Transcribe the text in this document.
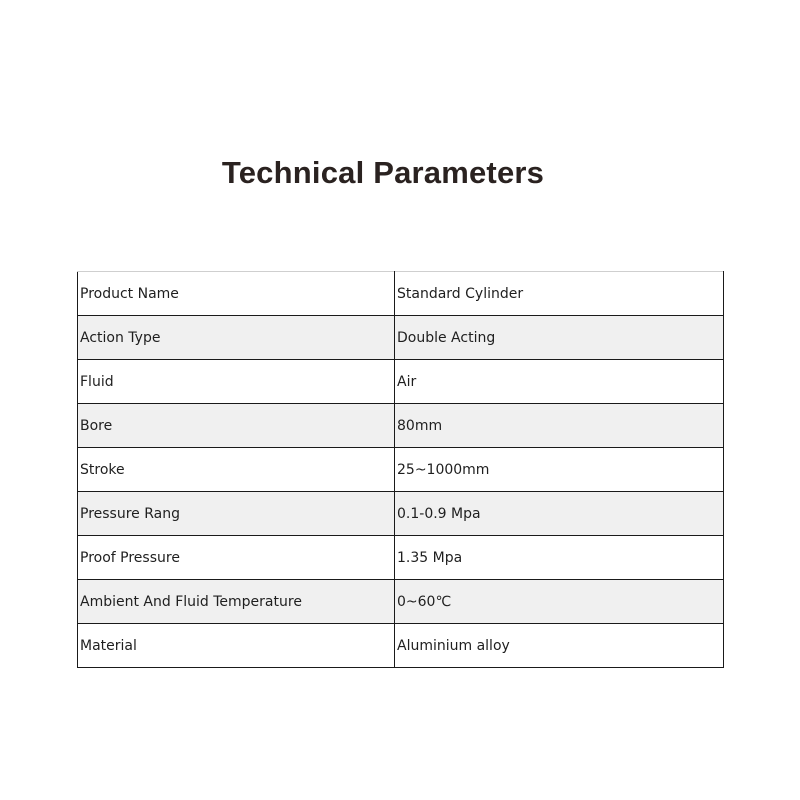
Technical Parameters
Product Name	Standard Cylinder
Action Type	Double Acting
Fluid	Air
Bore	80mm
Stroke	25~1000mm
Pressure Rang	0.1-0.9 Mpa
Proof Pressure	1.35 Mpa
Ambient And Fluid Temperature	0~60℃
Material	Aluminium alloy
